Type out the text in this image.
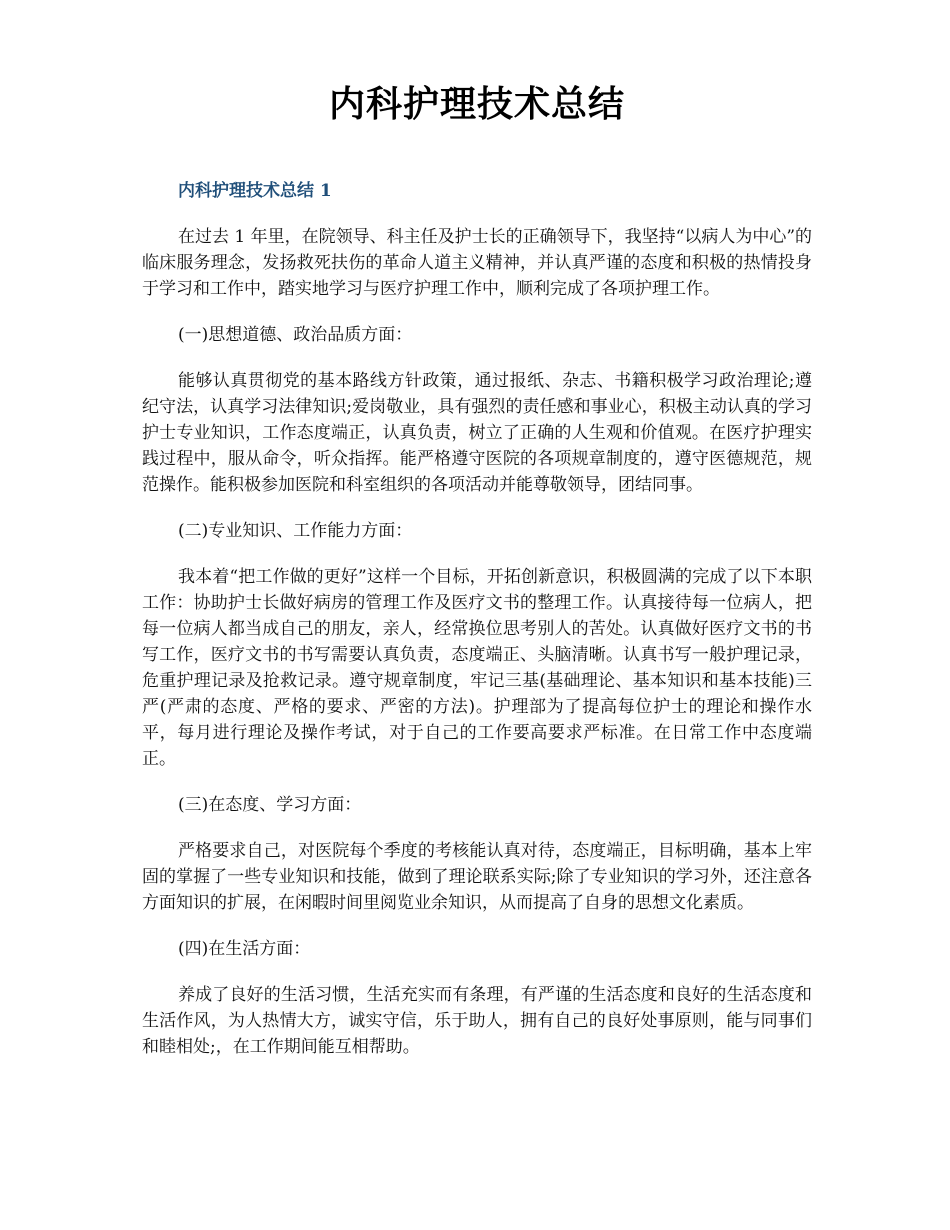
内科护理技术总结

内科护理技术总结 1

在过去 1 年里，在院领导、科主任及护士长的正确领导下，我坚持“以病人为中心”的临床服务理念，发扬救死扶伤的革命人道主义精神，并认真严谨的态度和积极的热情投身于学习和工作中，踏实地学习与医疗护理工作中，顺利完成了各项护理工作。

(一)思想道德、政治品质方面：

能够认真贯彻党的基本路线方针政策，通过报纸、杂志、书籍积极学习政治理论;遵纪守法，认真学习法律知识;爱岗敬业，具有强烈的责任感和事业心，积极主动认真的学习护士专业知识，工作态度端正，认真负责，树立了正确的人生观和价值观。在医疗护理实践过程中，服从命令，听众指挥。能严格遵守医院的各项规章制度的，遵守医德规范，规范操作。能积极参加医院和科室组织的各项活动并能尊敬领导，团结同事。

(二)专业知识、工作能力方面：

我本着“把工作做的更好”这样一个目标，开拓创新意识，积极圆满的完成了以下本职工作：协助护士长做好病房的管理工作及医疗文书的整理工作。认真接待每一位病人，把每一位病人都当成自己的朋友，亲人，经常换位思考别人的苦处。认真做好医疗文书的书写工作，医疗文书的书写需要认真负责，态度端正、头脑清晰。认真书写一般护理记录，危重护理记录及抢救记录。遵守规章制度，牢记三基(基础理论、基本知识和基本技能)三严(严肃的态度、严格的要求、严密的方法)。护理部为了提高每位护士的理论和操作水平，每月进行理论及操作考试，对于自己的工作要高要求严标准。在日常工作中态度端正。

(三)在态度、学习方面：

严格要求自己，对医院每个季度的考核能认真对待，态度端正，目标明确，基本上牢固的掌握了一些专业知识和技能，做到了理论联系实际;除了专业知识的学习外，还注意各方面知识的扩展，在闲暇时间里阅览业余知识，从而提高了自身的思想文化素质。

(四)在生活方面：

养成了良好的生活习惯，生活充实而有条理，有严谨的生活态度和良好的生活态度和生活作风，为人热情大方，诚实守信，乐于助人，拥有自己的良好处事原则，能与同事们和睦相处;，在工作期间能互相帮助。
